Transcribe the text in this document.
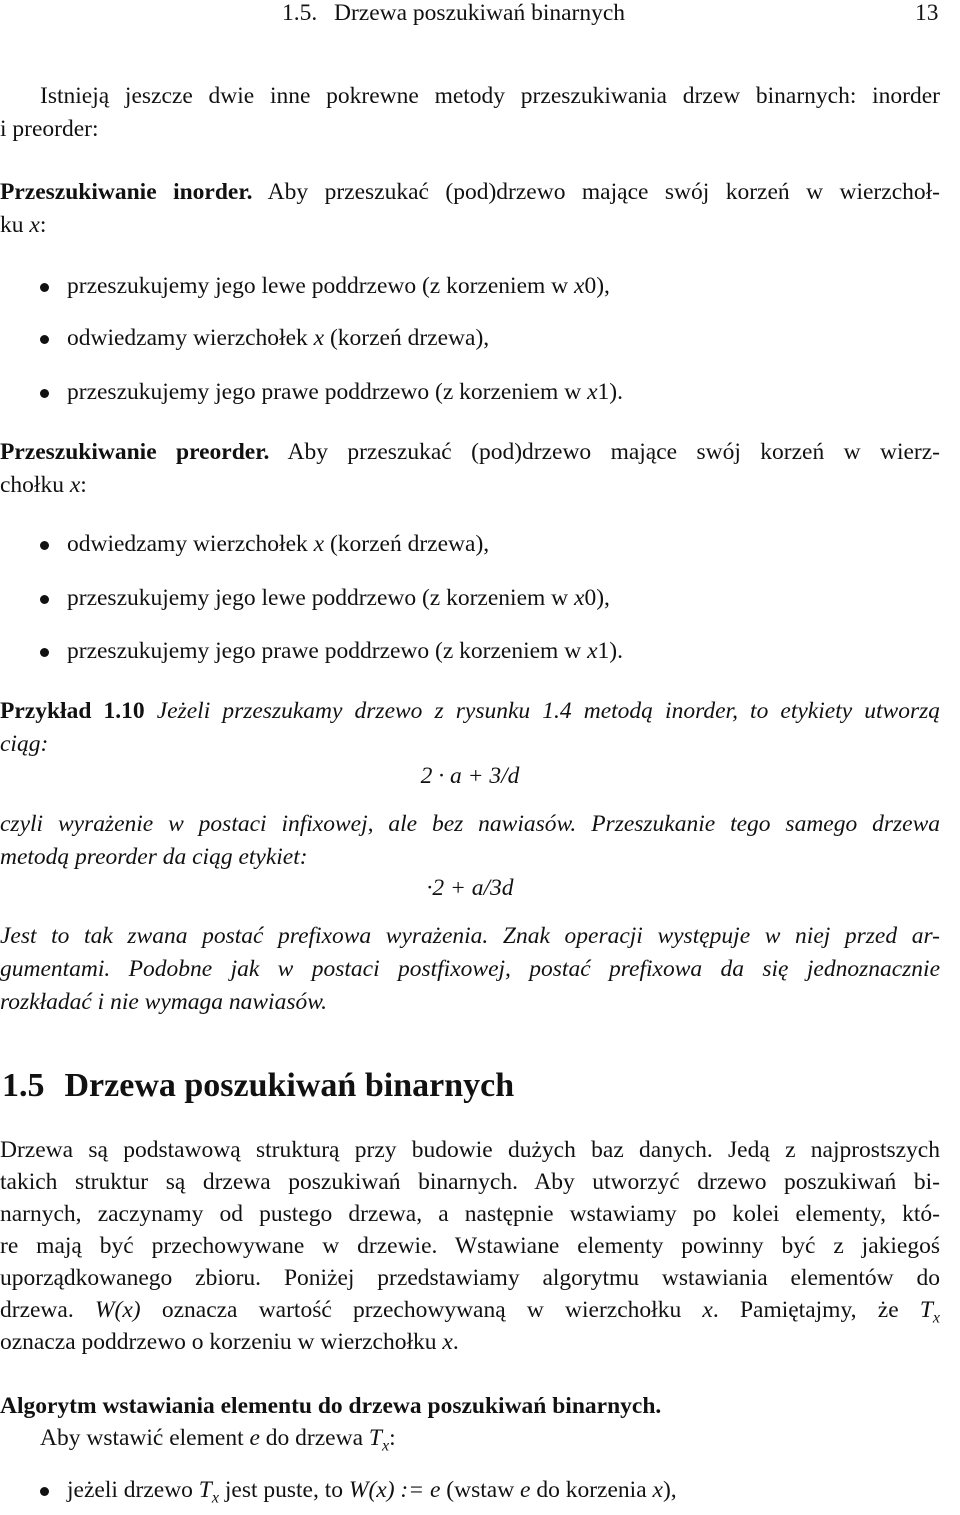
1.5. Drzewa poszukiwań binarnych	13

Istnieją jeszcze dwie inne pokrewne metody przeszukiwania drzew binarnych: inorder

i preorder:

Przeszukiwanie inorder. Aby przeszukać (pod)drzewo mające swój korzeń w wierzchoł-

ku x:

przeszukujemy jego lewe poddrzewo (z korzeniem w x0),
odwiedzamy wierzchołek x (korzeń drzewa),
przeszukujemy jego prawe poddrzewo (z korzeniem w x1).

Przeszukiwanie preorder. Aby przeszukać (pod)drzewo mające swój korzeń w wierz-

chołku x:

odwiedzamy wierzchołek x (korzeń drzewa),
przeszukujemy jego lewe poddrzewo (z korzeniem w x0),
przeszukujemy jego prawe poddrzewo (z korzeniem w x1).

Przykład 1.10 Jeżeli przeszukamy drzewo z rysunku 1.4 metodą inorder, to etykiety utworzą

ciąg:

2 · a + 3/d

czyli wyrażenie w postaci infixowej, ale bez nawiasów. Przeszukanie tego samego drzewa

metodą preorder da ciąg etykiet:

·2 + a/3d

Jest to tak zwana postać prefixowa wyrażenia. Znak operacji występuje w niej przed ar-

gumentami. Podobne jak w postaci postfixowej, postać prefixowa da się jednoznacznie

rozkładać i nie wymaga nawiasów.

1.5 Drzewa poszukiwań binarnych

Drzewa są podstawową strukturą przy budowie dużych baz danych. Jedą z najprostszych

takich struktur są drzewa poszukiwań binarnych. Aby utworzyć drzewo poszukiwań bi-

narnych, zaczynamy od pustego drzewa, a następnie wstawiamy po kolei elementy, któ-

re mają być przechowywane w drzewie. Wstawiane elementy powinny być z jakiegoś

uporządkowanego zbioru. Poniżej przedstawiamy algorytmu wstawiania elementów do

drzewa. W(x) oznacza wartość przechowywaną w wierzchołku x. Pamiętajmy, że $T_x$

oznacza poddrzewo o korzeniu w wierzchołku x.

Algorytm wstawiania elementu do drzewa poszukiwań binarnych.

Aby wstawić element e do drzewa $T_x$:

jeżeli drzewo $T_x$ jest puste, to W(x) := e (wstaw e do korzenia x),
